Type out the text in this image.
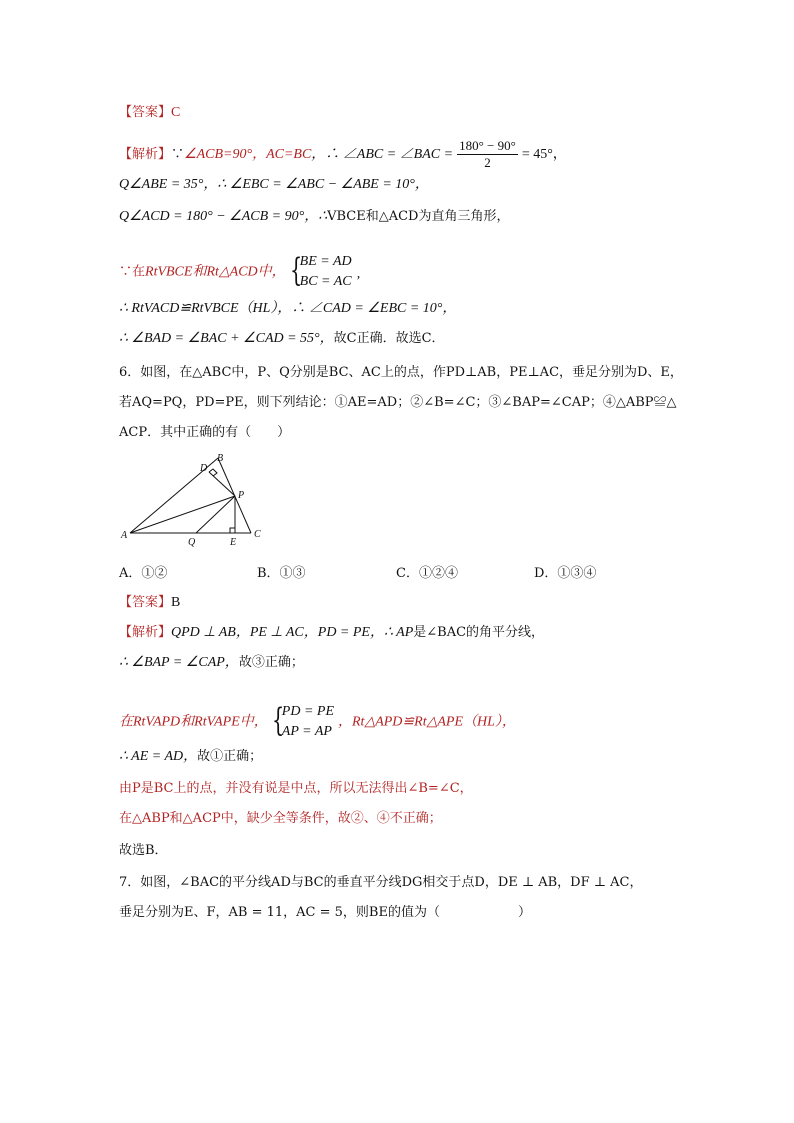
【答案】C
【解析】∵∠ACB=90°，AC=BC，∴ ∠ABC = ∠BAC = $\frac{180^\circ - 90^\circ}{2} = 45^\circ$，
Q∠ABE = 35°，∴ ∠EBC = ∠ABC − ∠ABE = 10°，
Q∠ACD = 180° − ∠ACB = 90°，∴VBCE和△ACD为直角三角形，
∵在RtVBCE和Rt△ACD中， {
BE = AD
BC = AC ’
∴ RtVACD≌RtVBCE（HL），∴ ∠CAD = ∠EBC = 10°，
∴ ∠BAD = ∠BAC + ∠CAD = 55°，故C正确．故选C．
6．如图，在△ABC中，P、Q分别是BC、AC上的点，作PD⊥AB，PE⊥AC，垂足分别为D、E，
若AQ=PQ，PD=PE，则下列结论：①AE=AD；②∠B=∠C；③∠BAP=∠CAP；④△ABP≌△
ACP．其中正确的有（　　）
A
B
C
D
E
P
Q
A．①②	B．①③	C．①②④	D．①③④
【答案】B
【解析】QPD ⊥ AB，PE ⊥ AC，PD = PE，∴ AP是∠BAC的角平分线，
∴ ∠BAP = ∠CAP，故③正确；
在RtVAPD和RtVAPE中， {
PD = PE
AP = AP
，Rt△APD≌Rt△APE（HL），
∴ AE = AD，故①正确；
由P是BC上的点，并没有说是中点，所以无法得出∠B=∠C，
在△ABP和△ACP中，缺少全等条件，故②、④不正确；
故选B．
7．如图，∠BAC的平分线AD与BC的垂直平分线DG相交于点D，DE ⊥ AB，DF ⊥ AC，
垂足分别为E、F，AB = 11，AC = 5，则BE的值为（　　　　　　）
